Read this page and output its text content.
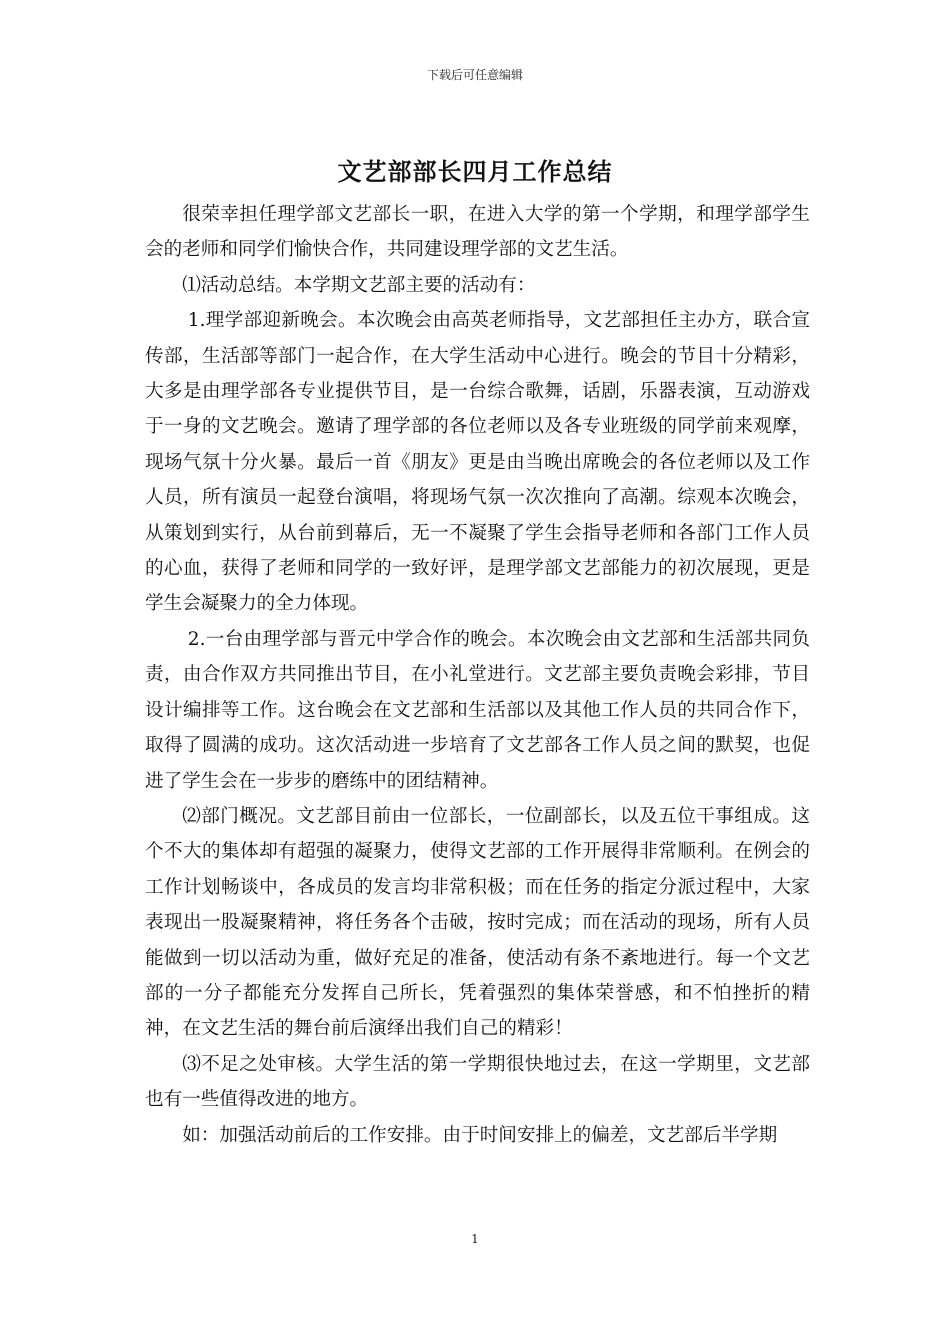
下载后可任意编辑
文艺部部长四月工作总结

很荣幸担任理学部文艺部长一职，在进入大学的第一个学期，和理学部学生会的老师和同学们愉快合作，共同建设理学部的文艺生活。

⑴活动总结。本学期文艺部主要的活动有：

1.理学部迎新晚会。本次晚会由高英老师指导，文艺部担任主办方，联合宣传部，生活部等部门一起合作，在大学生活动中心进行。晚会的节目十分精彩，大多是由理学部各专业提供节目，是一台综合歌舞，话剧，乐器表演，互动游戏于一身的文艺晚会。邀请了理学部的各位老师以及各专业班级的同学前来观摩，现场气氛十分火暴。最后一首《朋友》更是由当晚出席晚会的各位老师以及工作人员，所有演员一起登台演唱，将现场气氛一次次推向了高潮。综观本次晚会，从策划到实行，从台前到幕后，无一不凝聚了学生会指导老师和各部门工作人员的心血，获得了老师和同学的一致好评，是理学部文艺部能力的初次展现，更是学生会凝聚力的全力体现。

2.一台由理学部与晋元中学合作的晚会。本次晚会由文艺部和生活部共同负责，由合作双方共同推出节目，在小礼堂进行。文艺部主要负责晚会彩排，节目设计编排等工作。这台晚会在文艺部和生活部以及其他工作人员的共同合作下，取得了圆满的成功。这次活动进一步培育了文艺部各工作人员之间的默契，也促进了学生会在一步步的磨练中的团结精神。

⑵部门概况。文艺部目前由一位部长，一位副部长，以及五位干事组成。这个不大的集体却有超强的凝聚力，使得文艺部的工作开展得非常顺利。在例会的工作计划畅谈中，各成员的发言均非常积极；而在任务的指定分派过程中，大家表现出一股凝聚精神，将任务各个击破，按时完成；而在活动的现场，所有人员能做到一切以活动为重，做好充足的准备，使活动有条不紊地进行。每一个文艺部的一分子都能充分发挥自己所长，凭着强烈的集体荣誉感，和不怕挫折的精神，在文艺生活的舞台前后演绎出我们自己的精彩！

⑶不足之处审核。大学生活的第一学期很快地过去，在这一学期里，文艺部也有一些值得改进的地方。

如：加强活动前后的工作安排。由于时间安排上的偏差，文艺部后半学期

1
